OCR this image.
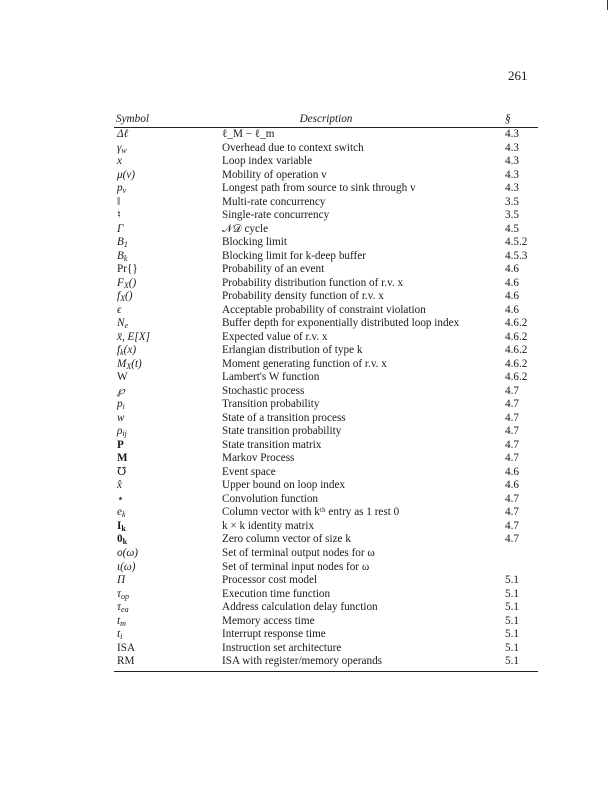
261
Symbol	Description	§
Δℓ	ℓ_M − ℓ_m	4.3
$\gamma_w$	Overhead due to context switch	4.3
x	Loop index variable	4.3
μ(v)	Mobility of operation v	4.3
$p_v$	Longest path from source to sink through v	4.3
‖	Multi-rate concurrency	3.5
♮	Single-rate concurrency	3.5
Γ	𝒩𝒟 cycle	4.5
$B_1$	Blocking limit	4.5.2
$B_k$	Blocking limit for k-deep buffer	4.5.3
Pr{}	Probability of an event	4.6
$F_X()$	Probability distribution function of r.v. x	4.6
$f_X()$	Probability density function of r.v. x	4.6
ϵ	Acceptable probability of constraint violation	4.6
$N_e$	Buffer depth for exponentially distributed loop index	4.6.2
x̄, E[X]	Expected value of r.v. x	4.6.2
$f_k(x)$	Erlangian distribution of type k	4.6.2
$M_X(t)$	Moment generating function of r.v. x	4.6.2
W	Lambert's W function	4.6.2
℘	Stochastic process	4.7
$p_i$	Transition probability	4.7
w	State of a transition process	4.7
$\rho_{ij}$	State transition probability	4.7
P	State transition matrix	4.7
M	Markov Process	4.7
℧	Event space	4.6
x̂	Upper bound on loop index	4.6
⋆	Convolution function	4.7
$e_k$	Column vector with kᵗʰ entry as 1 rest 0	4.7
$I_k$	k × k identity matrix	4.7
$0_k$	Zero column vector of size k	4.7
o(ω)	Set of terminal output nodes for ω
ι(ω)	Set of terminal input nodes for ω
Π	Processor cost model	5.1
$\tau_{op}$	Execution time function	5.1
$\tau_{ea}$	Address calculation delay function	5.1
$t_m$	Memory access time	5.1
$t_i$	Interrupt response time	5.1
ISA	Instruction set architecture	5.1
RM	ISA with register/memory operands	5.1
